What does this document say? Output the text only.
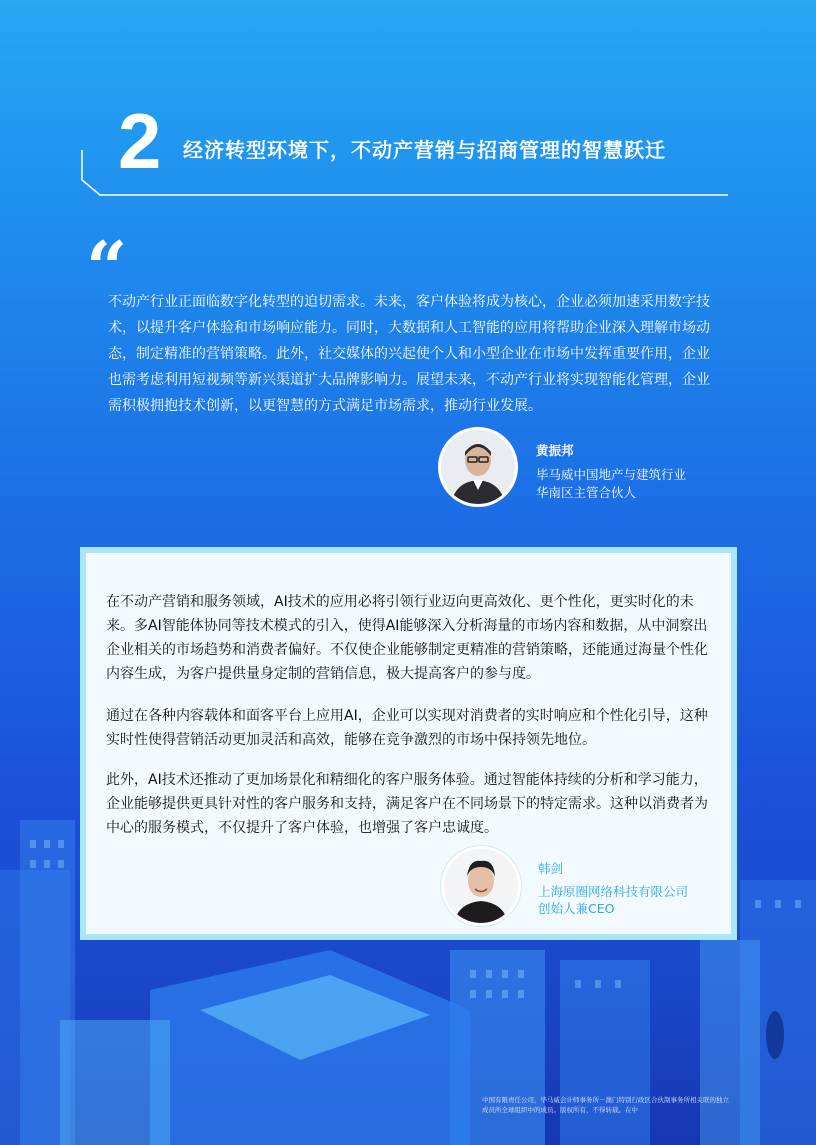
2 经济转型环境下，不动产营销与招商管理的智慧跃迁
“

不动产行业正面临数字化转型的迫切需求。未来，客户体验将成为核心，企业必须加速采用数字技术，以提升客户体验和市场响应能力。同时，大数据和人工智能的应用将帮助企业深入理解市场动态，制定精准的营销策略。此外，社交媒体的兴起使个人和小型企业在市场中发挥重要作用，企业也需考虑利用短视频等新兴渠道扩大品牌影响力。展望未来，不动产行业将实现智能化管理，企业需积极拥抱技术创新，以更智慧的方式满足市场需求，推动行业发展。

黄振邦
毕马威中国地产与建筑行业
华南区主管合伙人

在不动产营销和服务领域，AI技术的应用必将引领行业迈向更高效化、更个性化，更实时化的未来。多AI智能体协同等技术模式的引入，使得AI能够深入分析海量的市场内容和数据，从中洞察出企业相关的市场趋势和消费者偏好。不仅使企业能够制定更精准的营销策略，还能通过海量个性化内容生成，为客户提供量身定制的营销信息，极大提高客户的参与度。

通过在各种内容载体和面客平台上应用AI，企业可以实现对消费者的实时响应和个性化引导，这种实时性使得营销活动更加灵活和高效，能够在竞争激烈的市场中保持领先地位。

此外，AI技术还推动了更加场景化和精细化的客户服务体验。通过智能体持续的分析和学习能力，企业能够提供更具针对性的客户服务和支持，满足客户在不同场景下的特定需求。这种以消费者为中心的服务模式，不仅提升了客户体验，也增强了客户忠诚度。

韩剑
上海原圈网络科技有限公司
创始人兼CEO
中国有限责任公司，毕马威会计师事务所－澳门特别行政区合伙制事务所相关联的独立成员所全球组织中的成员。版权所有，不得转载。在中
